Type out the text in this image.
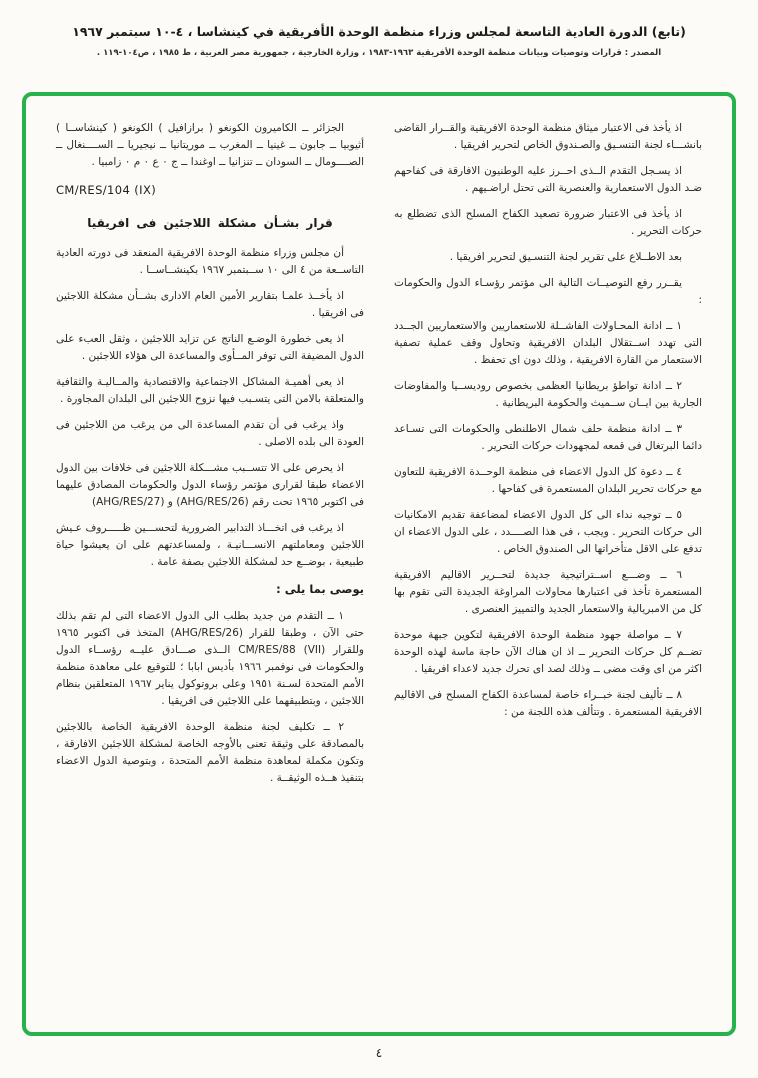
(تابع) الدورة العادية التاسعة لمجلس وزراء منظمة الوحدة الأفريقية في كينشاسا ، ٤-١٠ سبتمبر ١٩٦٧
المصدر : قرارات وتوصيات وبيانات منظمة الوحدة الأفريقية ١٩٦٣-١٩٨٣ ، وزارة الخارجية ، جمهورية مصر العربية ، ط ١٩٨٥ ، ص١٠٤-١١٩ .

اذ يأخذ فى الاعتبار ميثاق منظمة الوحدة الافريقية والقــرار القاضى بانشـــاء لجنة التنسـيق والصـندوق الخاص لتحرير افريقيا .

اذ يسـجل التقدم الــذى احــرز عليه الوطنيون الافارقة فى كفاحهم ضـد الدول الاستعمارية والعنصرية التى تحتل اراضـيهم .

اذ يأخذ فى الاعتبار ضرورة تصعيد الكفاح المسلح الذى تضطلع به حركات التحرير .

بعد الاطــلاع على تقرير لجنة التنسـيق لتحرير افريقيا .

يقــرر رفع التوصيــات التالية الى مؤتمر رؤسـاء الدول والحكومات :

١ ــ ادانة المحـاولات الفاشــلة للاستعماريين والاستعماريين الجــدد التى تهدد اســتقلال البلدان الافريقية وتحاول وقف عملية تصفية الاستعمار من القارة الافريقية ، وذلك دون اى تحفظ .

٢ ــ ادانة تواطؤ بريطانيا العظمى بخصوص روديســيا والمفاوضات الجارية بين ايــان ســميث والحكومة البريطانية .

٣ ــ ادانة منظمة حلف شمال الاطلنطى والحكومات التى تسـاعد دائما البرتغال فى قمعه لمجهودات حركات التحرير .

٤ ــ دعوة كل الدول الاعضاء فى منظمة الوحــدة الافريقية للتعاون مع حركات تحرير البلدان المستعمرة فى كفاحها .

٥ ــ توجيه نداء الى كل الدول الاعضاء لمضاعفة تقديم الامكانيات الى حركات التحرير . ويجب ، فى هذا الصــــدد ، على الدول الاعضاء ان تدفع على الاقل متأخراتها الى الصندوق الخاص .

٦ ــ وضـــع اســتراتيجية جديدة لتحــرير الاقاليم الافريقية المستعمرة تأخذ فى اعتبارها محاولات المراوغة الجديدة التى تقوم بها كل من الامبريالية والاستعمار الجديد والتمييز العنصرى .

٧ ــ مواصلة جهود منظمة الوحدة الافريقية لتكوين جبهة موحدة تضــم كل حركات التحرير ــ اذ ان هناك الآن حاجة ماسة لهذه الوحدة اكثر من اى وقت مضى ــ وذلك لصد اى تحرك جديد لاعداء افريقيا .

٨ ــ تأليف لجنة خبــراء خاصة لمساعدة الكفاح المسلح فى الاقاليم الافريقية المستعمرة . وتتألف هذه اللجنة من :

الجزائر ــ الكاميرون الكونغو ( برازافيل ) الكونغو ( كينشاســا ) أثيوبيا ــ جابون ــ غينيا ــ المغرب ــ موريتانيا ــ نيجيريا ــ الســــنغال ــ الصــــومال ــ السودان ــ تنزانيا ــ اوغندا ــ ج ٠ ع ٠ م ٠ زامبيا .

CM/RES/104 (IX)
قرار بشـأن مشكلة اللاجئين فى افريقيا

أن مجلس وزراء منظمة الوحدة الافريقية المنعقد فى دورته العادية التاســعة من ٤ الى ١٠ ســبتمبر ١٩٦٧ بكينشــاســا .

اذ يأخــذ علمـا بتقارير الأمين العام الادارى بشــأن مشكلة اللاجئين فى افريقيا .

اذ يعى خطورة الوضـع الناتج عن تزايد اللاجئين ، وثقل العبء على الدول المضيفة التى توفر المــأوى والمساعدة الى هؤلاء اللاجئين .

اذ يعى أهميـة المشاكل الاجتماعية والاقتصادية والمــاليـة والثقافية والمتعلقة بالامن التى يتسـبب فيها نزوح اللاجئين الى البلدان المجاورة .

واذ يرغب فى أن تقدم المساعدة الى من يرغب من اللاجئين فى العودة الى بلده الاصلى .

اذ يحرص على الا تتســبب مشـــكلة اللاجئين فى خلافات بين الدول الاعضاء طبقا لقرارى مؤتمر رؤساء الدول والحكومات المصادق عليهما فى اكتوبر ١٩٦٥ تحت رقم (AHG/RES/26) و (AHG/RES/27)

اذ يرغب فى اتخـــاذ التدابير الضرورية لتحســـين ظـــــروف عـيش اللاجئين ومعاملتهم الانســـانيـة ، ولمساعدتهم على ان يعيشوا حياة طبيعية ، بوضــع حد لمشكلة اللاجئين بصفة عامة .

يوصى بما يلى :

١ ــ التقدم من جديد بطلب الى الدول الاعضاء التى لم تقم بذلك حتى الآن ، وطبقا للقرار (AHG/RES/26) المتخذ فى اكتوبر ١٩٦٥ وللقرار (CM/RES/88 (VII الــذى صـــادق عليــه رؤســاء الدول والحكومات فى نوفمبر ١٩٦٦ بأديس ابابا ؛ للتوقيع على معاهدة منظمة الأمم المتحدة لسـنة ١٩٥١ وعلى بروتوكول يناير ١٩٦٧ المتعلقين بنظام اللاجئين ، وبتطبيقهما على اللاجئين فى افريقيا .

٢ ــ تكليف لجنة منظمة الوحدة الافريقية الخاصة باللاجئين بالمصادقة على وثيقة تعنى بالأوجه الخاصة لمشكلة اللاجئين الافارقة ، وتكون مكملة لمعاهدة منظمة الأمم المتحدة ، وبتوصية الدول الاعضاء بتنفيذ هــذه الوثيقــة .

٤
